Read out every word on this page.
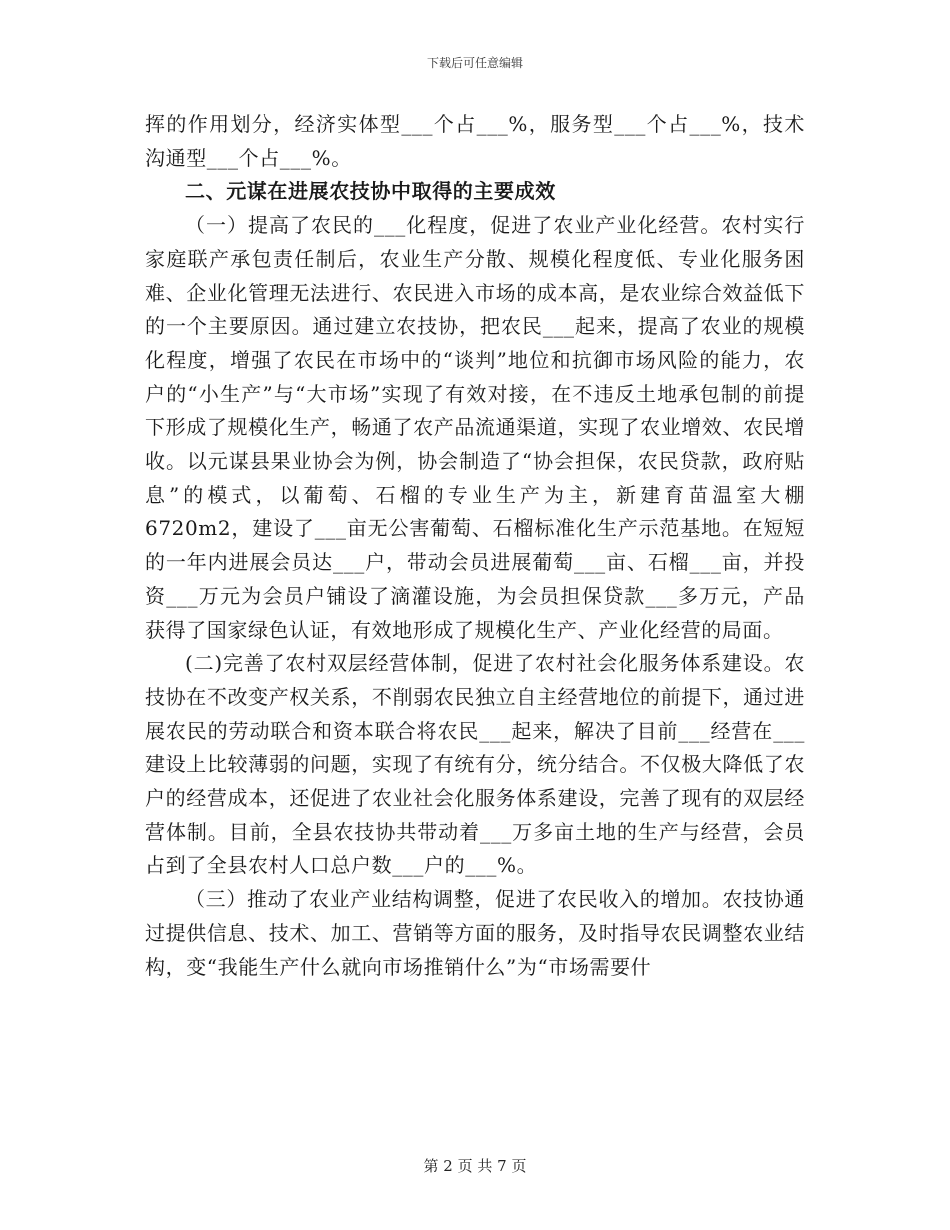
下载后可任意编辑

挥的作用划分，经济实体型___个占___%，服务型___个占___%，技术沟通型___个占___%。

二、元谋在进展农技协中取得的主要成效

（一）提高了农民的___化程度，促进了农业产业化经营。农村实行家庭联产承包责任制后，农业生产分散、规模化程度低、专业化服务困难、企业化管理无法进行、农民进入市场的成本高，是农业综合效益低下的一个主要原因。通过建立农技协，把农民___起来，提高了农业的规模化程度，增强了农民在市场中的“谈判”地位和抗御市场风险的能力，农户的“小生产”与“大市场”实现了有效对接，在不违反土地承包制的前提下形成了规模化生产，畅通了农产品流通渠道，实现了农业增效、农民增收。以元谋县果业协会为例，协会制造了“协会担保，农民贷款，政府贴息”的模式，以葡萄、石榴的专业生产为主，新建育苗温室大棚6720m2，建设了___亩无公害葡萄、石榴标准化生产示范基地。在短短的一年内进展会员达___户，带动会员进展葡萄___亩、石榴___亩，并投资___万元为会员户铺设了滴灌设施，为会员担保贷款___多万元，产品获得了国家绿色认证，有效地形成了规模化生产、产业化经营的局面。

(二)完善了农村双层经营体制，促进了农村社会化服务体系建设。农技协在不改变产权关系，不削弱农民独立自主经营地位的前提下，通过进展农民的劳动联合和资本联合将农民___起来，解决了目前___经营在___建设上比较薄弱的问题，实现了有统有分，统分结合。不仅极大降低了农户的经营成本，还促进了农业社会化服务体系建设，完善了现有的双层经营体制。目前，全县农技协共带动着___万多亩土地的生产与经营，会员占到了全县农村人口总户数___户的___%。

（三）推动了农业产业结构调整，促进了农民收入的增加。农技协通过提供信息、技术、加工、营销等方面的服务，及时指导农民调整农业结构，变“我能生产什么就向市场推销什么”为“市场需要什

第 2 页 共 7 页
